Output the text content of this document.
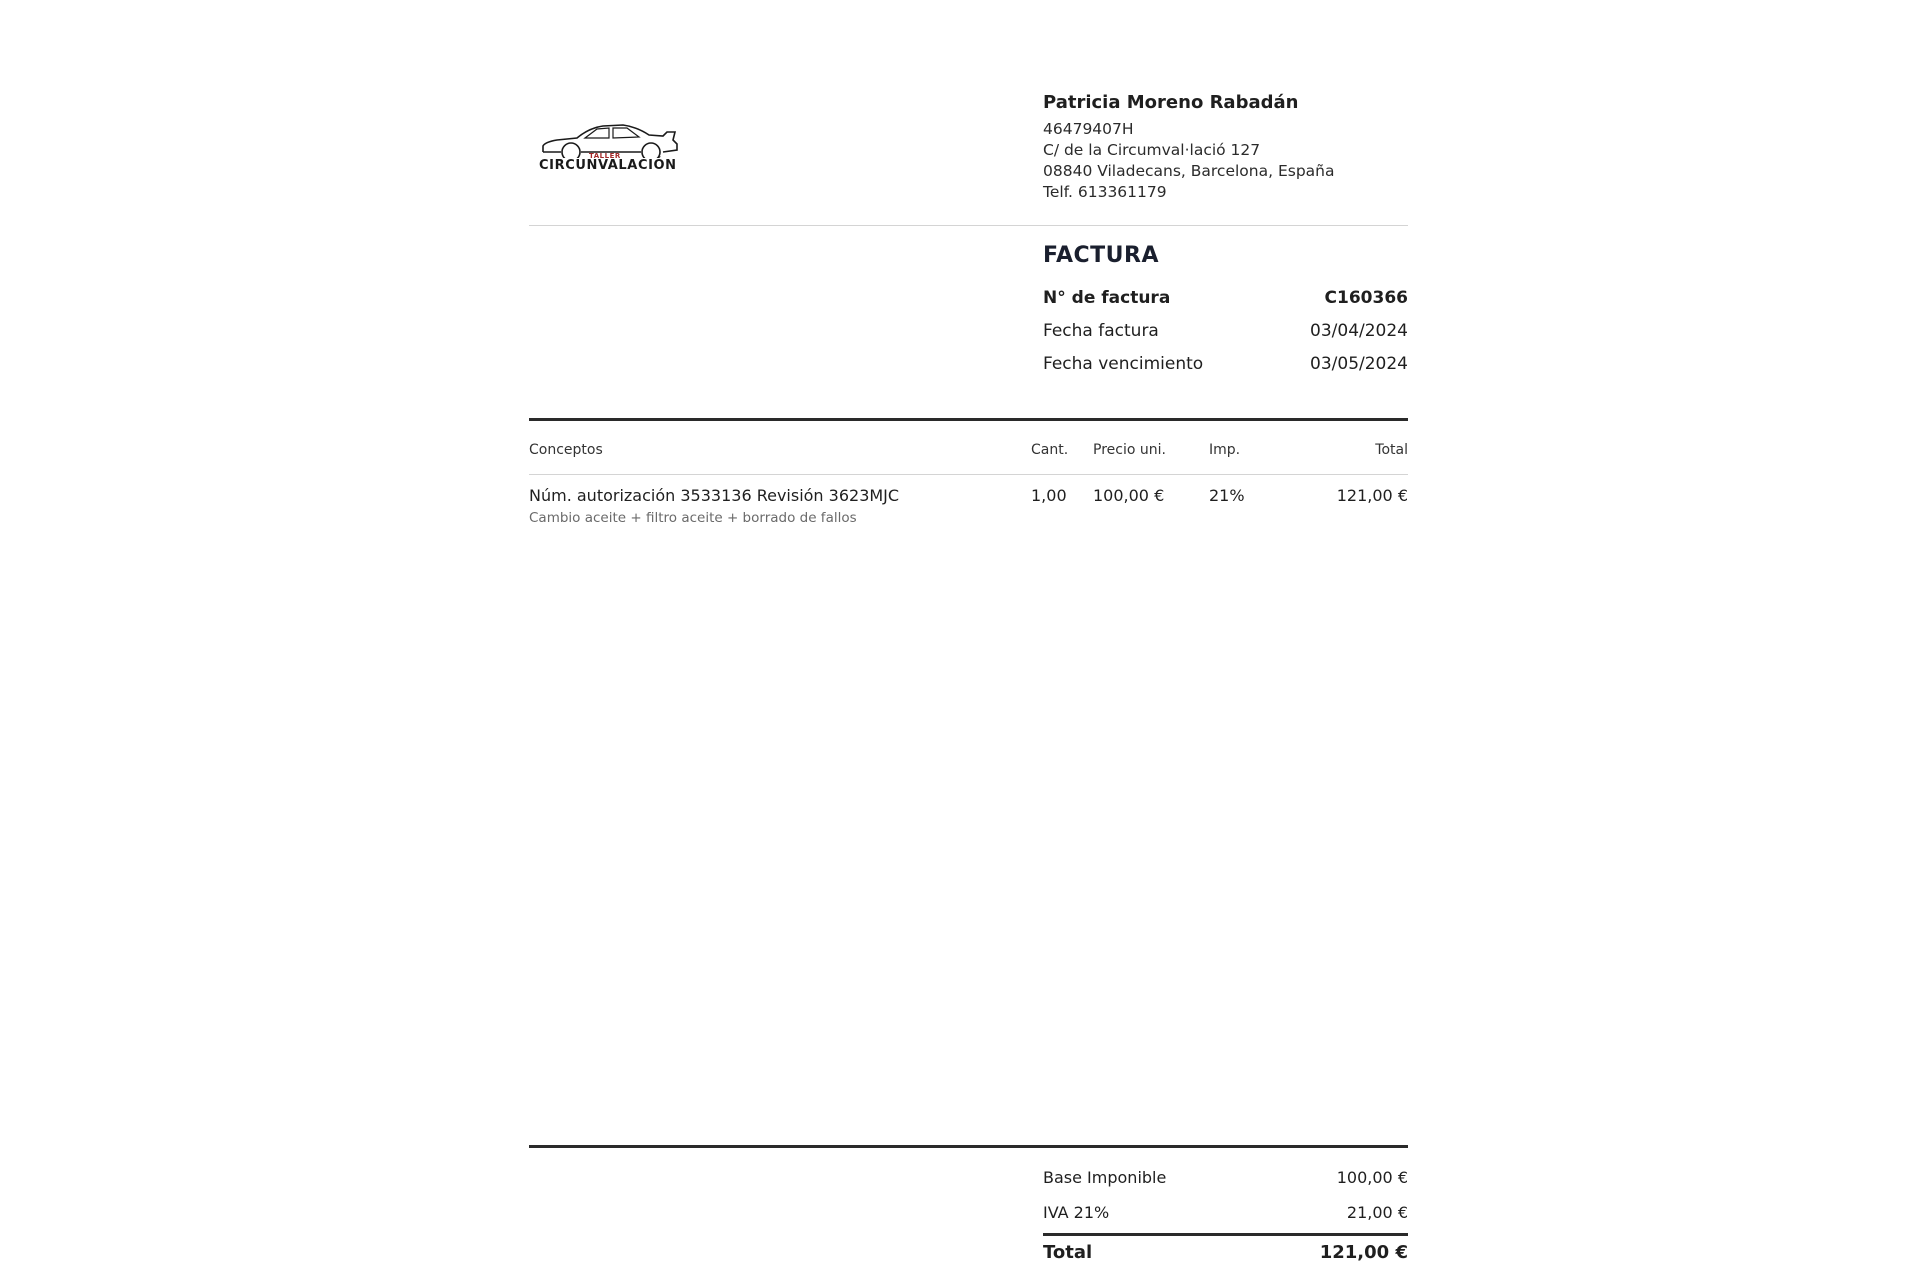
TALLER
CIRCUNVALACIÓN
Patricia Moreno Rabadán
46479407H
C/ de la Circumval·lació 127
08840 Viladecans, Barcelona, España
Telf. 613361179
FACTURA
N° de factura	C160366
Fecha factura	03/04/2024
Fecha vencimiento	03/05/2024
Conceptos	Cant. Precio uni.	Imp.	Total
Núm. autorización 3533136 Revisión 3623MJC	1,00 100,00 €	21%	121,00 €
Cambio aceite + filtro aceite + borrado de fallos
Base Imponible	100,00 €
IVA 21%	21,00 €
Total	121,00 €
